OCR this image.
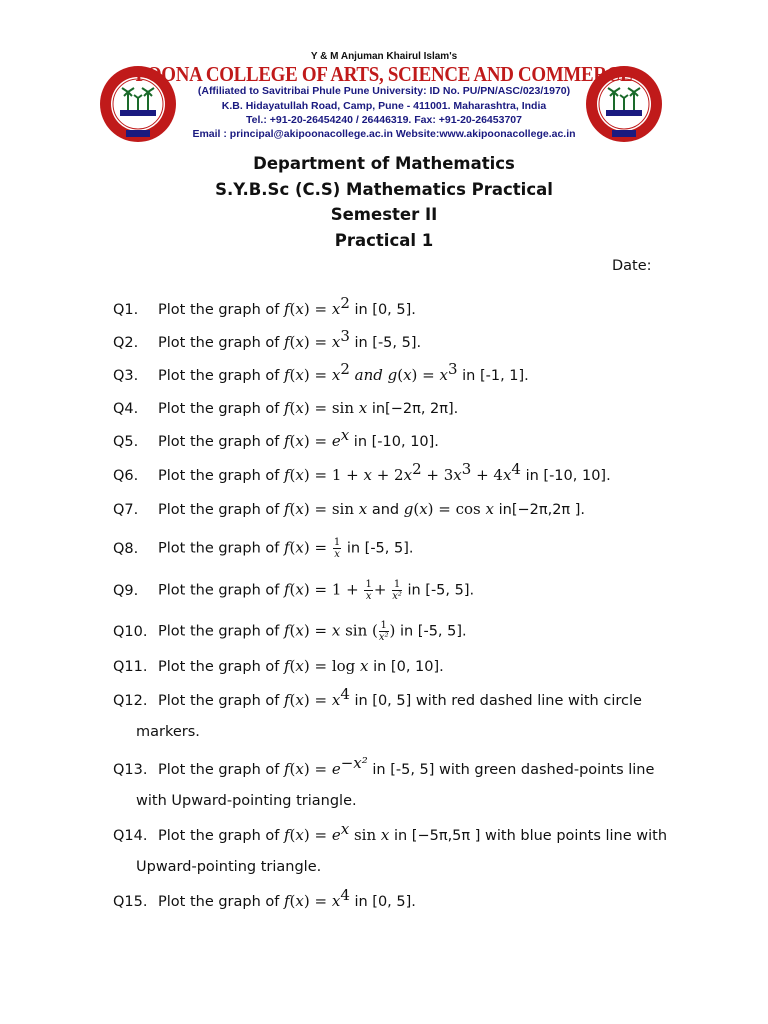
Y & M Anjuman Khairul Islam's
POONA COLLEGE OF ARTS, SCIENCE AND COMMERCE
(Affiliated to Savitribai Phule Pune University: ID No. PU/PN/ASC/023/1970)
K.B. Hidayatullah Road, Camp, Pune - 411001. Maharashtra, India
Tel.: +91-20-26454240 / 26446319. Fax: +91-20-26453707
Email : principal@akipoonacollege.ac.in Website:www.akipoonacollege.ac.in
Department of Mathematics
S.Y.B.Sc (C.S) Mathematics Practical
Semester II
Practical 1
Date:
Q1. Plot the graph of $f(x) = x^2$ in [0, 5].
Q2. Plot the graph of $f(x) = x^3$ in [-5, 5].
Q3. Plot the graph of $f(x) = x^2$ and $g(x) = x^3$ in [-1, 1].
Q4. Plot the graph of f(x) = sin x in[−2π, 2π].
Q5. Plot the graph of $f(x) = e^x$ in [-10, 10].
Q6. Plot the graph of $f(x) = 1 + x + 2x^2 + 3x^3 + 4x^4$ in [-10, 10].
Q7. Plot the graph of f(x) = sin x and g(x) = cos x in[−2π,2π ].
Q8. Plot the graph of $f(x) = \frac{1}{x}$ in [-5, 5].
Q9. Plot the graph of $f(x) = 1 + \frac{1}{x} + \frac{1}{\text{x²}}$ in [-5, 5].
Q10. Plot the graph of f(x) = x sin ( $\frac{1}{\text{x²}}$ ) in [-5, 5].
Q11. Plot the graph of f(x) = log x in [0, 10].
Q12. Plot the graph of $f(x) = x^4$ in [0, 5] with red dashed line with circle
markers.
Q13. Plot the graph of $f(x) = e^{-x^2}$ in [-5, 5] with green dashed-points line
with Upward-pointing triangle.
Q14. Plot the graph of $f(x) = e^x$ sin x in [−5π,5π ] with blue points line with
Upward-pointing triangle.
Q15. Plot the graph of $f(x) = x^4$ in [0, 5].
